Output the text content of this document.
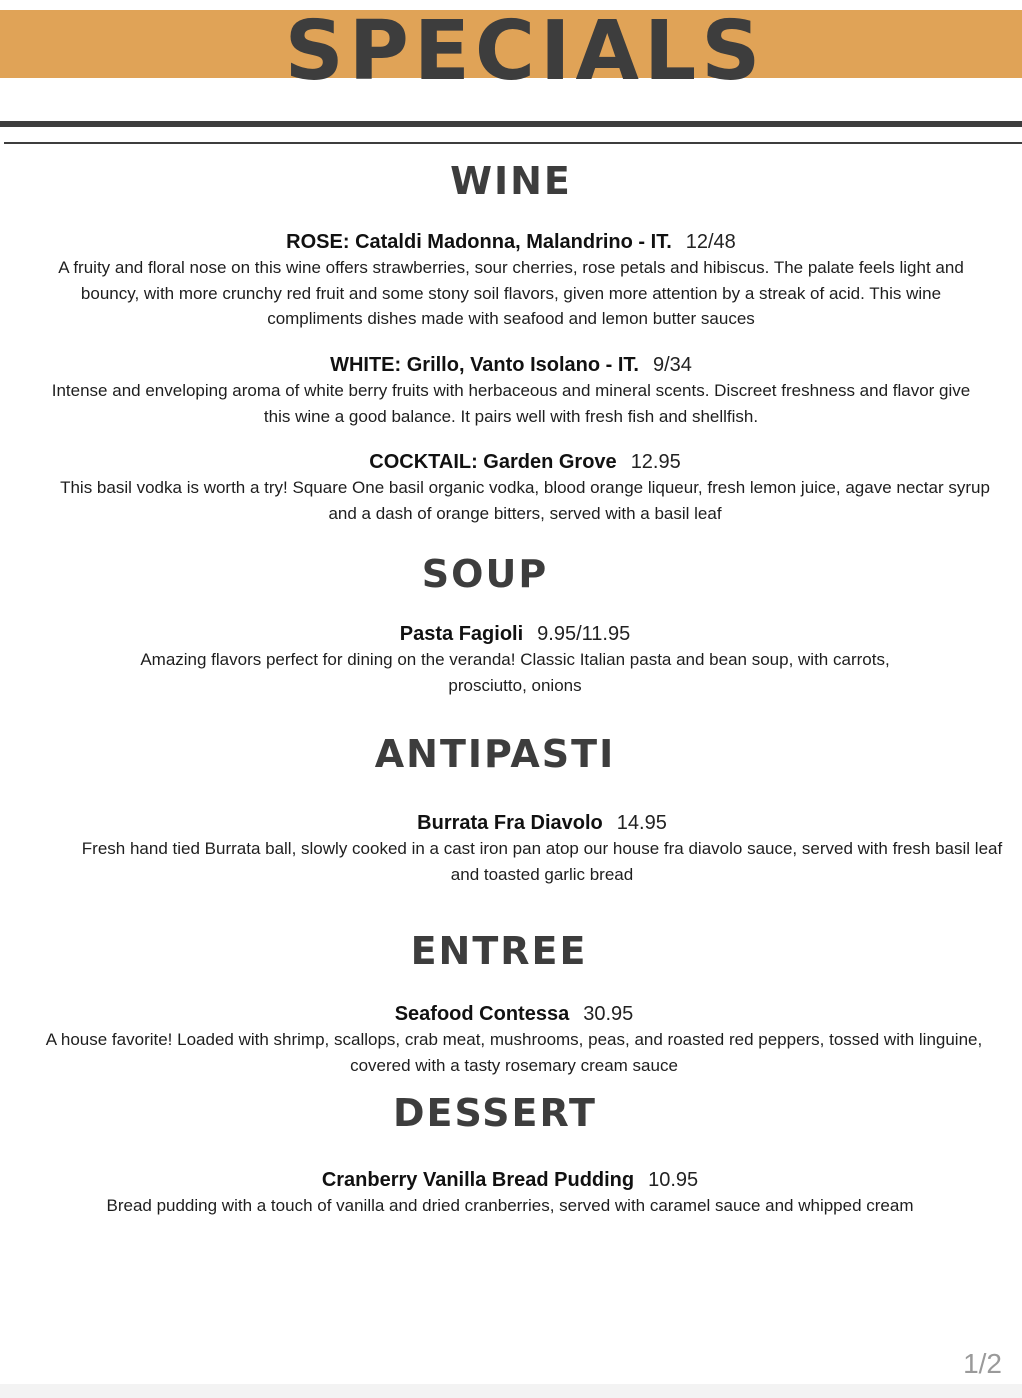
SPECIALS
WINE

ROSE: Cataldi Madonna, Malandrino - IT. 12/48

A fruity and floral nose on this wine offers strawberries, sour cherries, rose petals and hibiscus. The palate feels light and bouncy, with more crunchy red fruit and some stony soil flavors, given more attention by a streak of acid. This wine compliments dishes made with seafood and lemon butter sauces

WHITE: Grillo, Vanto Isolano - IT. 9/34

Intense and enveloping aroma of white berry fruits with herbaceous and mineral scents. Discreet freshness and flavor give this wine a good balance. It pairs well with fresh fish and shellfish.

COCKTAIL: Garden Grove 12.95

This basil vodka is worth a try! Square One basil organic vodka, blood orange liqueur, fresh lemon juice, agave nectar syrup and a dash of orange bitters, served with a basil leaf

SOUP

Pasta Fagioli 9.95/11.95

Amazing flavors perfect for dining on the veranda! Classic Italian pasta and bean soup, with carrots, prosciutto, onions

ANTIPASTI

Burrata Fra Diavolo 14.95

Fresh hand tied Burrata ball, slowly cooked in a cast iron pan atop our house fra diavolo sauce, served with fresh basil leaf and toasted garlic bread

ENTREE

Seafood Contessa 30.95

A house favorite! Loaded with shrimp, scallops, crab meat, mushrooms, peas, and roasted red peppers, tossed with linguine, covered with a tasty rosemary cream sauce

DESSERT

Cranberry Vanilla Bread Pudding 10.95

Bread pudding with a touch of vanilla and dried cranberries, served with caramel sauce and whipped cream

1/2
